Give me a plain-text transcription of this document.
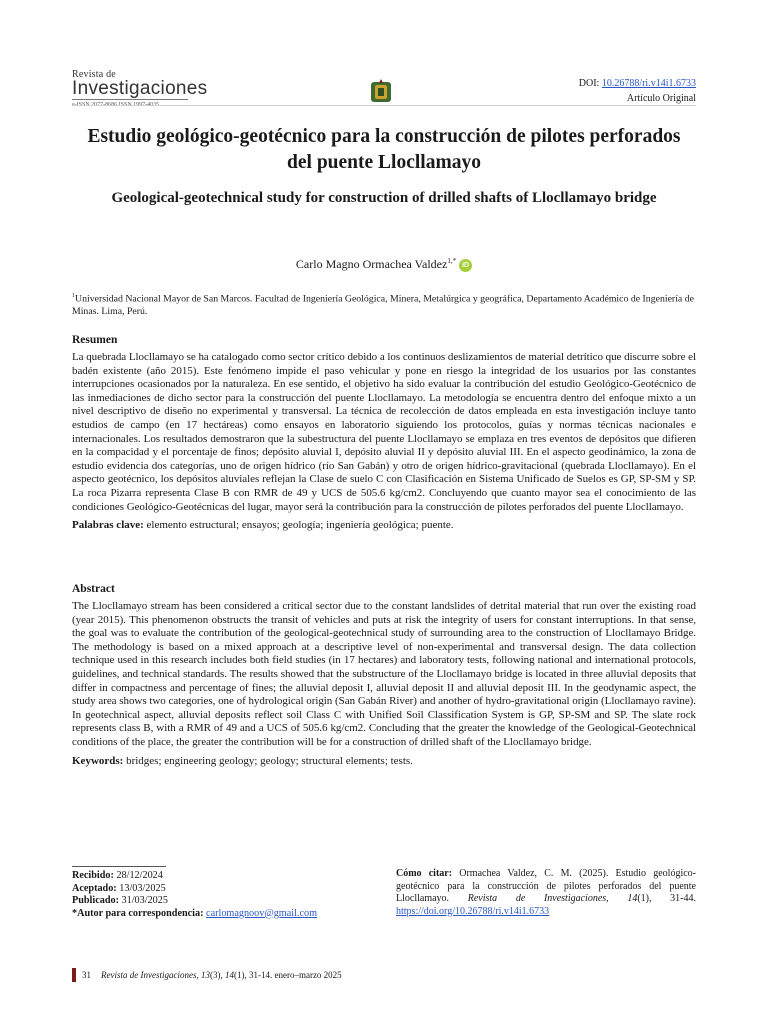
Revista de
Investigaciones	DOI: 10.26788/ri.v14i1.6733
Artículo Original
Estudio geológico-geotécnico para la construcción de pilotes perforados del puente Llocllamayo
Geological-geotechnical study for construction of drilled shafts of Llocllamayo bridge
Carlo Magno Ormachea Valdez$^{1,*}$iD
$^1$Universidad Nacional Mayor de San Marcos. Facultad de Ingeniería Geológica, Minera, Metalúrgica y geográfica, Departamento Académico de Ingeniería de Minas. Lima, Perú.
Resumen

La quebrada Llocllamayo se ha catalogado como sector crítico debido a los continuos deslizamientos de material detrítico que discurre sobre el badén existente (año 2015). Este fenómeno impide el paso vehicular y pone en riesgo la integridad de los usuarios por las constantes interrupciones ocasionados por la naturaleza. En ese sentido, el objetivo ha sido evaluar la contribución del estudio Geológico-Geotécnico de las inmediaciones de dicho sector para la construcción del puente Llocllamayo. La metodología se encuentra dentro del enfoque mixto a un nivel descriptivo de diseño no experimental y transversal. La técnica de recolección de datos empleada en esta investigación incluye tanto estudios de campo (en 17 hectáreas) como ensayos en laboratorio siguiendo los protocolos, guías y normas técnicas nacionales e internacionales. Los resultados demostraron que la subestructura del puente Llocllamayo se emplaza en tres eventos de depósitos que difieren en la compacidad y el porcentaje de finos; depósito aluvial I, depósito aluvial II y depósito aluvial III. En el aspecto geodinámico, la zona de estudio evidencia dos categorías, uno de origen hídrico (río San Gabán) y otro de origen hídrico-gravitacional (quebrada Llocllamayo). En el aspecto geotécnico, los depósitos aluviales reflejan la Clase de suelo C con Clasificación en Sistema Unificado de Suelos es GP, SP-SM y SP. La roca Pizarra representa Clase B con RMR de 49 y UCS de 505.6 kg/cm2. Concluyendo que cuanto mayor sea el conocimiento de las condiciones Geológico-Geotécnicas del lugar, mayor será la contribución para la construcción de pilotes perforados del puente Llocllamayo.

Palabras clave: elemento estructural; ensayos; geología; ingeniería geológica; puente.
Abstract

The Llocllamayo stream has been considered a critical sector due to the constant landslides of detrital material that run over the existing road (year 2015). This phenomenon obstructs the transit of vehicles and puts at risk the integrity of users for constant interruptions. In that sense, the goal was to evaluate the contribution of the geological-geotechnical study of surrounding area to the construction of Llocllamayo Bridge. The methodology is based on a mixed approach at a descriptive level of non-experimental and transversal design. The data collection technique used in this research includes both field studies (in 17 hectares) and laboratory tests, following national and international protocols, guidelines, and technical standards. The results showed that the substructure of the Llocllamayo bridge is located in three alluvial deposits that differ in compactness and percentage of fines; the alluvial deposit I, alluvial deposit II and alluvial deposit III. In the geodynamic aspect, the study area shows two categories, one of hydrological origin (San Gabán River) and another of hydro-gravitational origin (Llocllamayo ravine). In geotechnical aspect, alluvial deposits reflect soil Class C with Unified Soil Classification System is GP, SP-SM and SP. The slate rock represents class B, with a RMR of 49 and a UCS of 505.6 kg/cm2. Concluding that the greater the knowledge of the Geological-Geotechnical conditions of the place, the greater the contribution will be for a construction of drilled shaft of the Llocllamayo bridge.

Keywords: bridges; engineering geology; geology; structural elements; tests.
Recibido: 28/12/2024
Aceptado: 13/03/2025
Publicado: 31/03/2025
*Autor para correspondencia: carlomagnoov@gmail.com
Cómo citar: Ormachea Valdez, C. M. (2025). Estudio geológico-geotécnico para la construcción de pilotes perforados del puente Llocllamayo. Revista de Investigaciones, 14(1), 31-44. https://doi.org/10.26788/ri.v14i1.6733
31 Revista de Investigaciones, 13(3), 14(1), 31-14. enero–marzo 2025
